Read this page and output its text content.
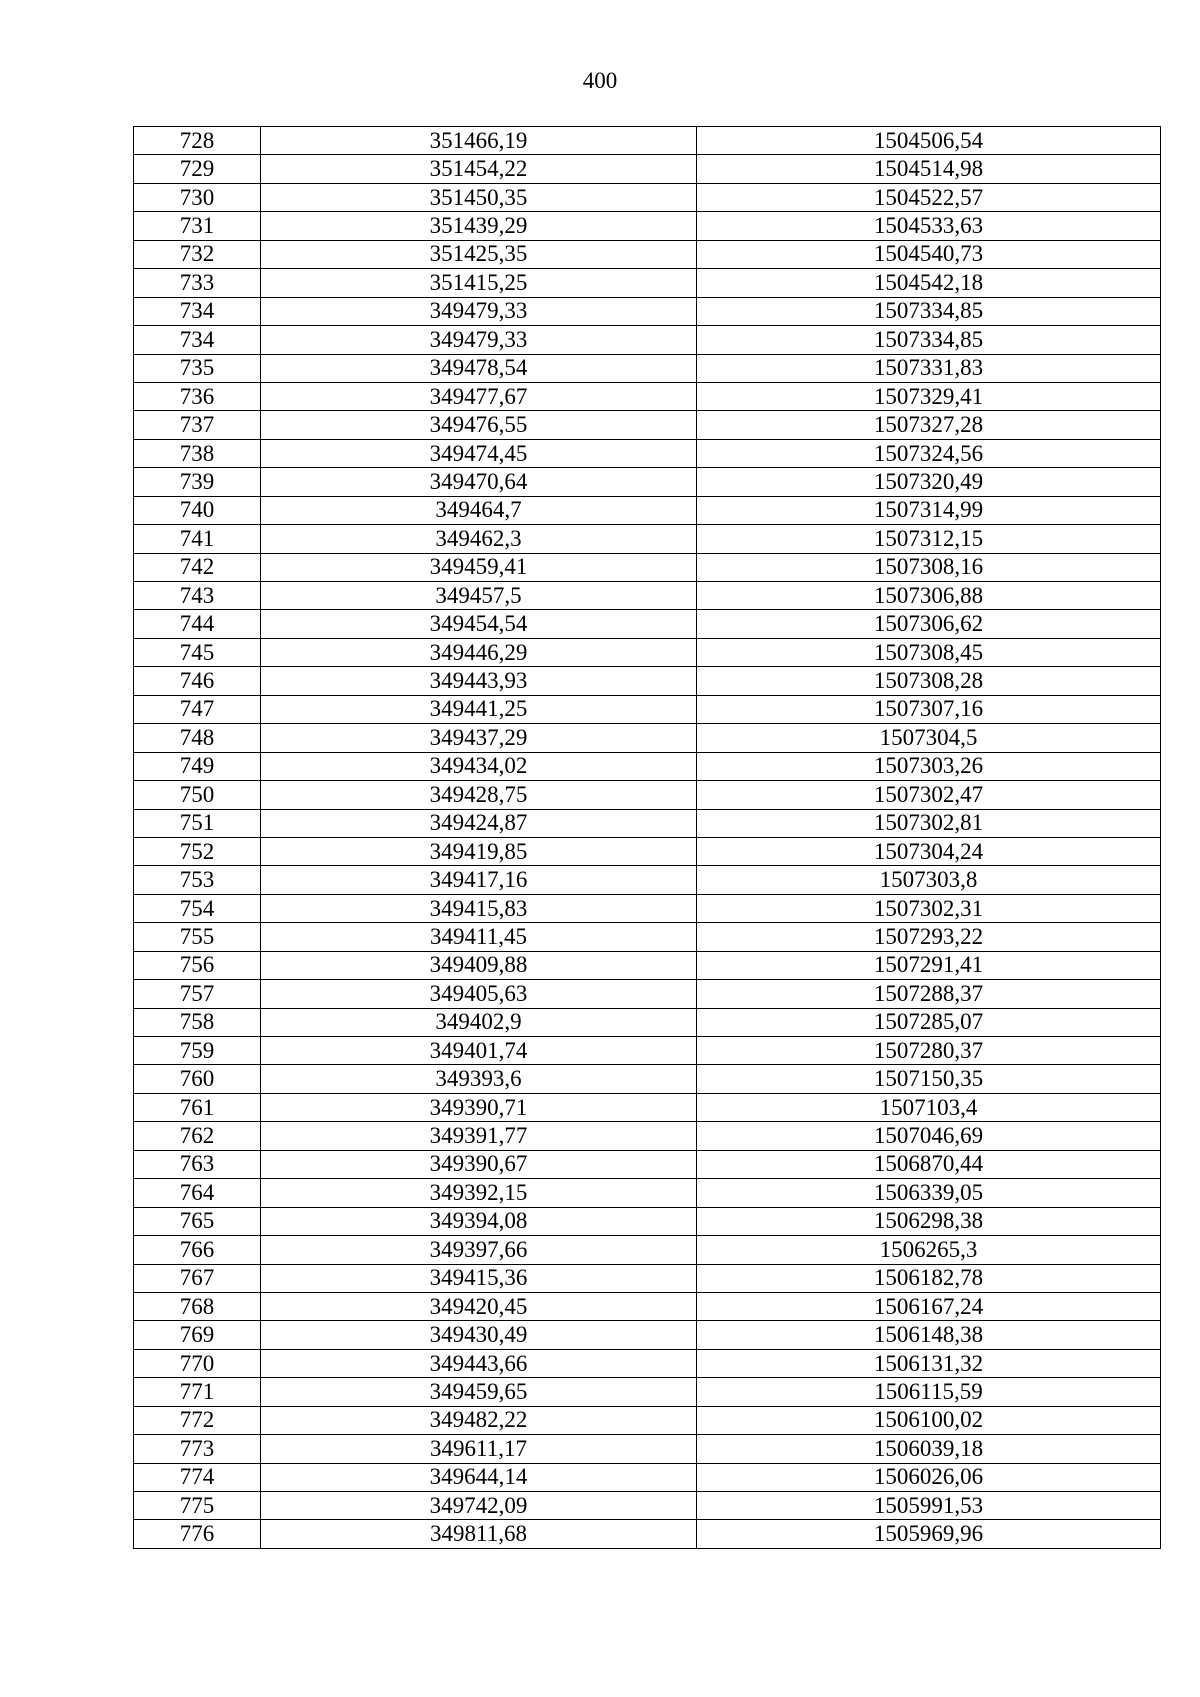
400
728	351466,19	1504506,54
729	351454,22	1504514,98
730	351450,35	1504522,57
731	351439,29	1504533,63
732	351425,35	1504540,73
733	351415,25	1504542,18
734	349479,33	1507334,85
734	349479,33	1507334,85
735	349478,54	1507331,83
736	349477,67	1507329,41
737	349476,55	1507327,28
738	349474,45	1507324,56
739	349470,64	1507320,49
740	349464,7	1507314,99
741	349462,3	1507312,15
742	349459,41	1507308,16
743	349457,5	1507306,88
744	349454,54	1507306,62
745	349446,29	1507308,45
746	349443,93	1507308,28
747	349441,25	1507307,16
748	349437,29	1507304,5
749	349434,02	1507303,26
750	349428,75	1507302,47
751	349424,87	1507302,81
752	349419,85	1507304,24
753	349417,16	1507303,8
754	349415,83	1507302,31
755	349411,45	1507293,22
756	349409,88	1507291,41
757	349405,63	1507288,37
758	349402,9	1507285,07
759	349401,74	1507280,37
760	349393,6	1507150,35
761	349390,71	1507103,4
762	349391,77	1507046,69
763	349390,67	1506870,44
764	349392,15	1506339,05
765	349394,08	1506298,38
766	349397,66	1506265,3
767	349415,36	1506182,78
768	349420,45	1506167,24
769	349430,49	1506148,38
770	349443,66	1506131,32
771	349459,65	1506115,59
772	349482,22	1506100,02
773	349611,17	1506039,18
774	349644,14	1506026,06
775	349742,09	1505991,53
776	349811,68	1505969,96
